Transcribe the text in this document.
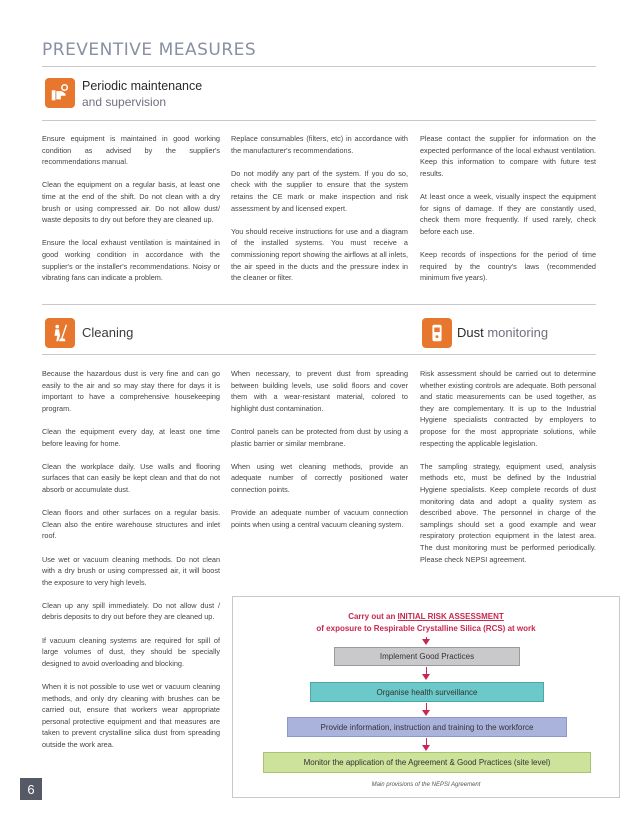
PREVENTIVE MEASURES
Periodic maintenance
and supervision

Ensure equipment is maintained in good working condition as advised by the supplier's recommendations manual.

Clean the equipment on a regular basis, at least one time at the end of the shift. Do not clean with a dry brush or using compressed air. Do not allow dust/ waste deposits to dry out before they are cleaned up.

Ensure the local exhaust ventilation is maintained in good working condition in accordance with the supplier's or the installer's recommendations. Noisy or vibrating fans can indicate a problem.

Replace consumables (filters, etc) in accordance with the manufacturer's recommendations.

Do not modify any part of the system. If you do so, check with the supplier to ensure that the system retains the CE mark or make inspection and risk assessment by and licensed expert.

You should receive instructions for use and a diagram of the installed systems. You must receive a commissioning report showing the airflows at all inlets, the air speed in the ducts and the pressure index in the cleaner or filter.

Please contact the supplier for information on the expected performance of the local exhaust ventilation. Keep this information to compare with future test results.

At least once a week, visually inspect the equipment for signs of damage. If they are constantly used, check them more frequently. If used rarely, check before each use.

Keep records of inspections for the period of time required by the country's laws (recommended minimum five years).

Cleaning	Dust monitoring

Because the hazardous dust is very fine and can go easily to the air and so may stay there for days it is important to have a comprehensive housekeeping program.

Clean the equipment every day, at least one time before leaving for home.

Clean the workplace daily. Use walls and flooring surfaces that can easily be kept clean and that do not absorb or accumulate dust.

Clean floors and other surfaces on a regular basis. Clean also the entire warehouse structures and inlet roof.

Use wet or vacuum cleaning methods. Do not clean with a dry brush or using compressed air, it will boost the exposure to very high levels.

Clean up any spill immediately. Do not allow dust / debris deposits to dry out before they are cleaned up.

If vacuum cleaning systems are required for spill of large volumes of dust, they should be specially designed to avoid overloading and blocking.

When it is not possible to use wet or vacuum cleaning methods, and only dry cleaning with brushes can be carried out, ensure that workers wear appropriate personal protective equipment and that measures are taken to prevent crystalline silica dust from spreading outside the work area.

When necessary, to prevent dust from spreading between building levels, use solid floors and cover them with a wear-resistant material, colored to highlight dust contamination.

Control panels can be protected from dust by using a plastic barrier or similar membrane.

When using wet cleaning methods, provide an adequate number of correctly positioned water connection points.

Provide an adequate number of vacuum connection points when using a central vacuum cleaning system.

Risk assessment should be carried out to determine whether existing controls are adequate. Both personal and static measurements can be used together, as they are complementary. It is up to the Industrial Hygiene specialists contracted by employers to propose for the most appropriate solutions, while respecting the applicable legislation.

The sampling strategy, equipment used, analysis methods etc, must be defined by the Industrial Hygiene specialists. Keep complete records of dust monitoring data and adopt a quality system as described above. The personnel in charge of the samplings should set a good example and wear respiratory protection equipment in the latest area. The dust monitoring must be performed periodically. Please check NEPSI agreement.

Carry out an INITIAL RISK ASSESSMENT
of exposure to Respirable Crystalline Silica (RCS) at work
Implement Good Practices
Organise health surveillance
Provide information, instruction and training to the workforce
Monitor the application of the Agreement & Good Practices (site level)
Main provisions of the NEPSI Agreement
6
